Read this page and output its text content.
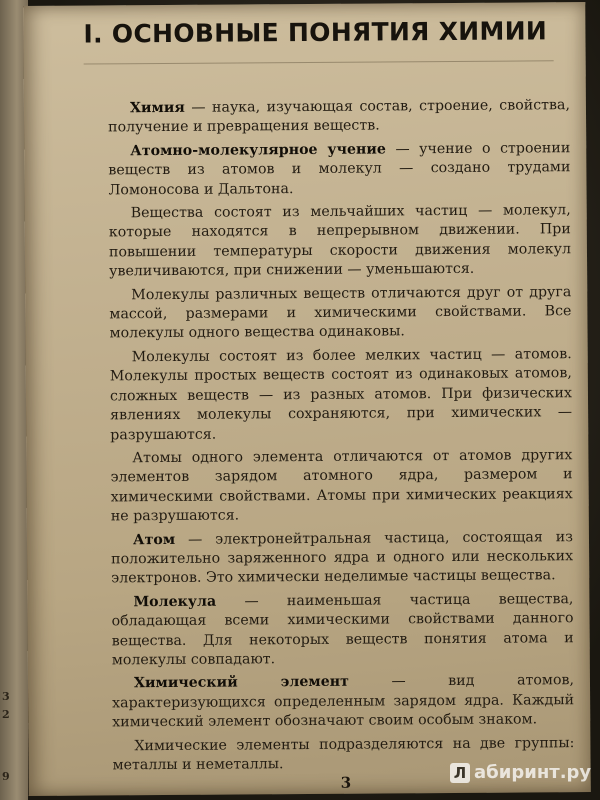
3
2
9
I. ОСНОВНЫЕ ПОНЯТИЯ ХИМИИ

Химия — наука, изучающая состав, строение, свойства, получение и превращения веществ.

Атомно-молекулярное учение — учение о строении веществ из атомов и молекул — создано трудами Ломоносова и Дальтона.

Вещества состоят из мельчайших частиц — молекул, которые находятся в непрерывном движении. При повышении температуры скорости движения молекул увеличиваются, при снижении — уменьшаются.

Молекулы различных веществ отличаются друг от друга массой, размерами и химическими свойствами. Все молекулы одного вещества одинаковы.

Молекулы состоят из более мелких частиц — атомов. Молекулы простых веществ состоят из одинаковых атомов, сложных веществ — из разных атомов. При физических явлениях молекулы сохраняются, при химических — разрушаются.

Атомы одного элемента отличаются от атомов других элементов зарядом атомного ядра, размером и химическими свойствами. Атомы при химических реакциях не разрушаются.

Атом — электронейтральная частица, состоящая из положительно заряженного ядра и одного или нескольких электронов. Это химически неделимые частицы вещества.

Молекула — наименьшая частица вещества, обладающая всеми химическими свойствами данного вещества. Для некоторых веществ понятия атома и молекулы совпадают.

Химический элемент — вид атомов, характеризующихся определенным зарядом ядра. Каждый химический элемент обозначают своим особым знаком.

Химические элементы подразделяются на две группы: металлы и неметаллы.

3
Л абиринт.ру
